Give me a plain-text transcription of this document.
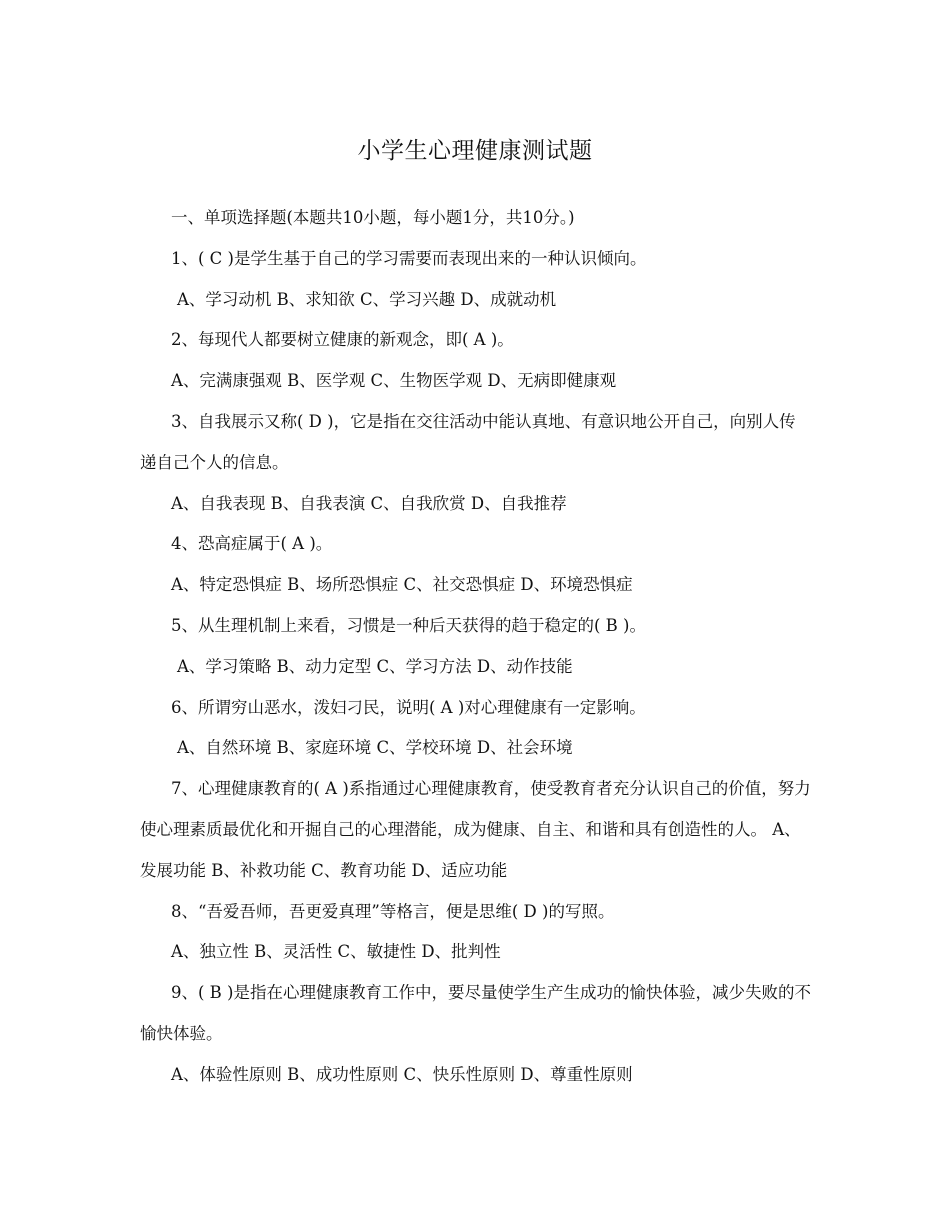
小学生心理健康测试题

一、单项选择题(本题共10小题，每小题1分，共10分。)

1、( C )是学生基于自己的学习需要而表现出来的一种认识倾向。

A、学习动机 B、求知欲 C、学习兴趣 D、成就动机

2、每现代人都要树立健康的新观念，即( A )。

A、完满康强观 B、医学观 C、生物医学观 D、无病即健康观

3、自我展示又称( D )，它是指在交往活动中能认真地、有意识地公开自己，向别人传递自己个人的信息。

A、自我表现 B、自我表演 C、自我欣赏 D、自我推荐

4、恐高症属于( A )。

A、特定恐惧症 B、场所恐惧症 C、社交恐惧症 D、环境恐惧症

5、从生理机制上来看，习惯是一种后天获得的趋于稳定的( B )。

A、学习策略 B、动力定型 C、学习方法 D、动作技能

6、所谓穷山恶水，泼妇刁民，说明( A )对心理健康有一定影响。

A、自然环境 B、家庭环境 C、学校环境 D、社会环境

7、心理健康教育的( A )系指通过心理健康教育，使受教育者充分认识自己的价值，努力使心理素质最优化和开掘自己的心理潜能，成为健康、自主、和谐和具有创造性的人。 A、发展功能 B、补救功能 C、教育功能 D、适应功能

8、“吾爱吾师，吾更爱真理”等格言，便是思维( D )的写照。

A、独立性 B、灵活性 C、敏捷性 D、批判性

9、( B )是指在心理健康教育工作中，要尽量使学生产生成功的愉快体验，减少失败的不愉快体验。

A、体验性原则 B、成功性原则 C、快乐性原则 D、尊重性原则
